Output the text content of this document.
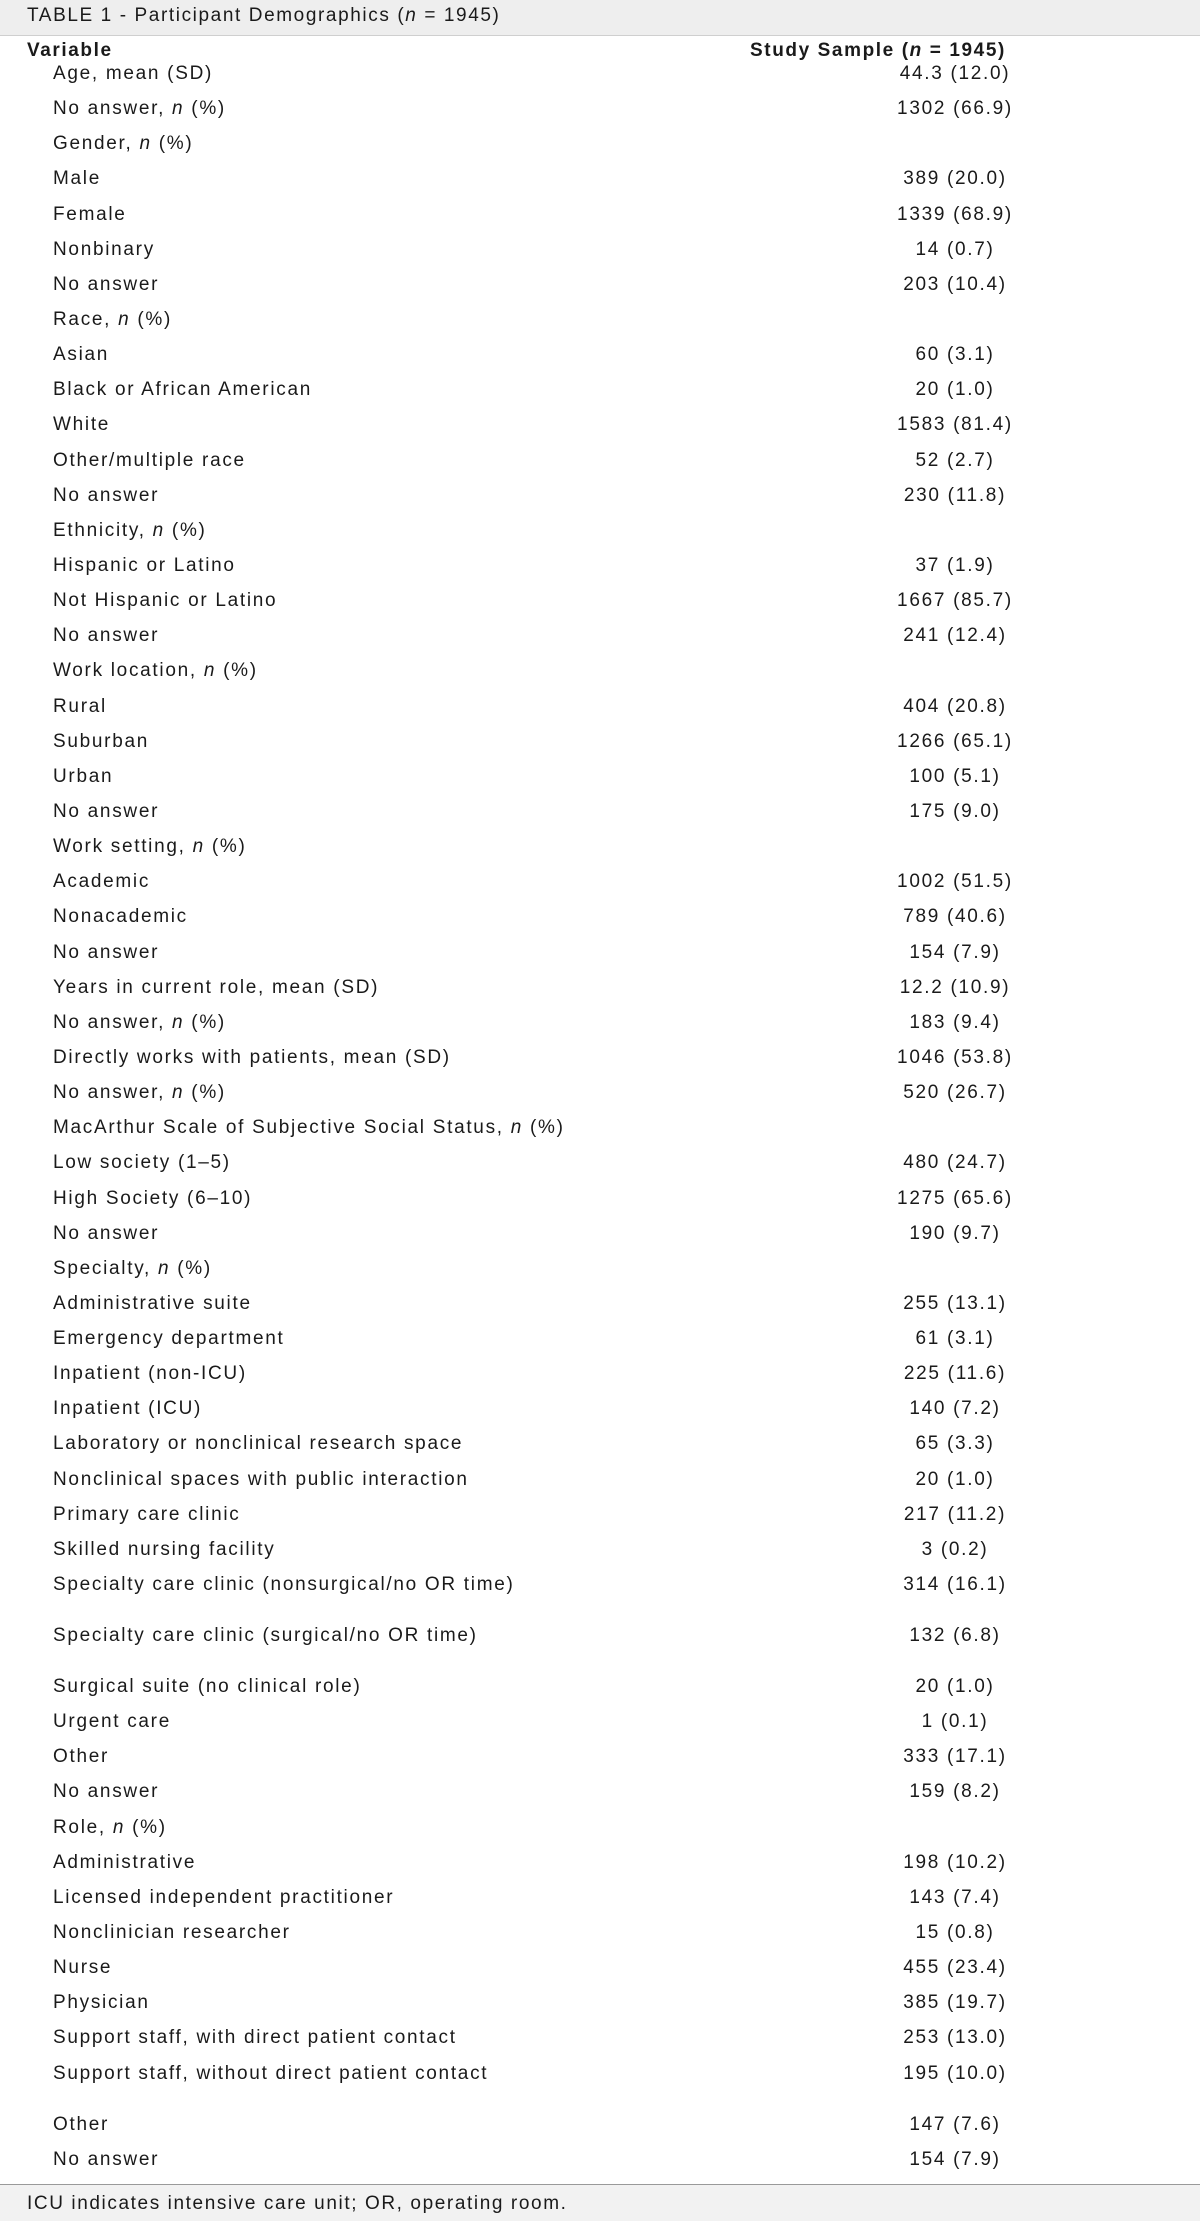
TABLE 1 - Participant Demographics (n = 1945)
Variable	Study Sample (n = 1945)
Age, mean (SD)	44.3 (12.0)
No answer, n (%)	1302 (66.9)
Gender, n (%)
Male	389 (20.0)
Female	1339 (68.9)
Nonbinary	14 (0.7)
No answer	203 (10.4)
Race, n (%)
Asian	60 (3.1)
Black or African American	20 (1.0)
White	1583 (81.4)
Other/multiple race	52 (2.7)
No answer	230 (11.8)
Ethnicity, n (%)
Hispanic or Latino	37 (1.9)
Not Hispanic or Latino	1667 (85.7)
No answer	241 (12.4)
Work location, n (%)
Rural	404 (20.8)
Suburban	1266 (65.1)
Urban	100 (5.1)
No answer	175 (9.0)
Work setting, n (%)
Academic	1002 (51.5)
Nonacademic	789 (40.6)
No answer	154 (7.9)
Years in current role, mean (SD)	12.2 (10.9)
No answer, n (%)	183 (9.4)
Directly works with patients, mean (SD)	1046 (53.8)
No answer, n (%)	520 (26.7)
MacArthur Scale of Subjective Social Status, n (%)
Low society (1–5)	480 (24.7)
High Society (6–10)	1275 (65.6)
No answer	190 (9.7)
Specialty, n (%)
Administrative suite	255 (13.1)
Emergency department	61 (3.1)
Inpatient (non-ICU)	225 (11.6)
Inpatient (ICU)	140 (7.2)
Laboratory or nonclinical research space	65 (3.3)
Nonclinical spaces with public interaction	20 (1.0)
Primary care clinic	217 (11.2)
Skilled nursing facility	3 (0.2)
Specialty care clinic (nonsurgical/no OR time)	314 (16.1)
Specialty care clinic (surgical/no OR time)	132 (6.8)
Surgical suite (no clinical role)	20 (1.0)
Urgent care	1 (0.1)
Other	333 (17.1)
No answer	159 (8.2)
Role, n (%)
Administrative	198 (10.2)
Licensed independent practitioner	143 (7.4)
Nonclinician researcher	15 (0.8)
Nurse	455 (23.4)
Physician	385 (19.7)
Support staff, with direct patient contact	253 (13.0)
Support staff, without direct patient contact	195 (10.0)
Other	147 (7.6)
No answer	154 (7.9)
ICU indicates intensive care unit; OR, operating room.
